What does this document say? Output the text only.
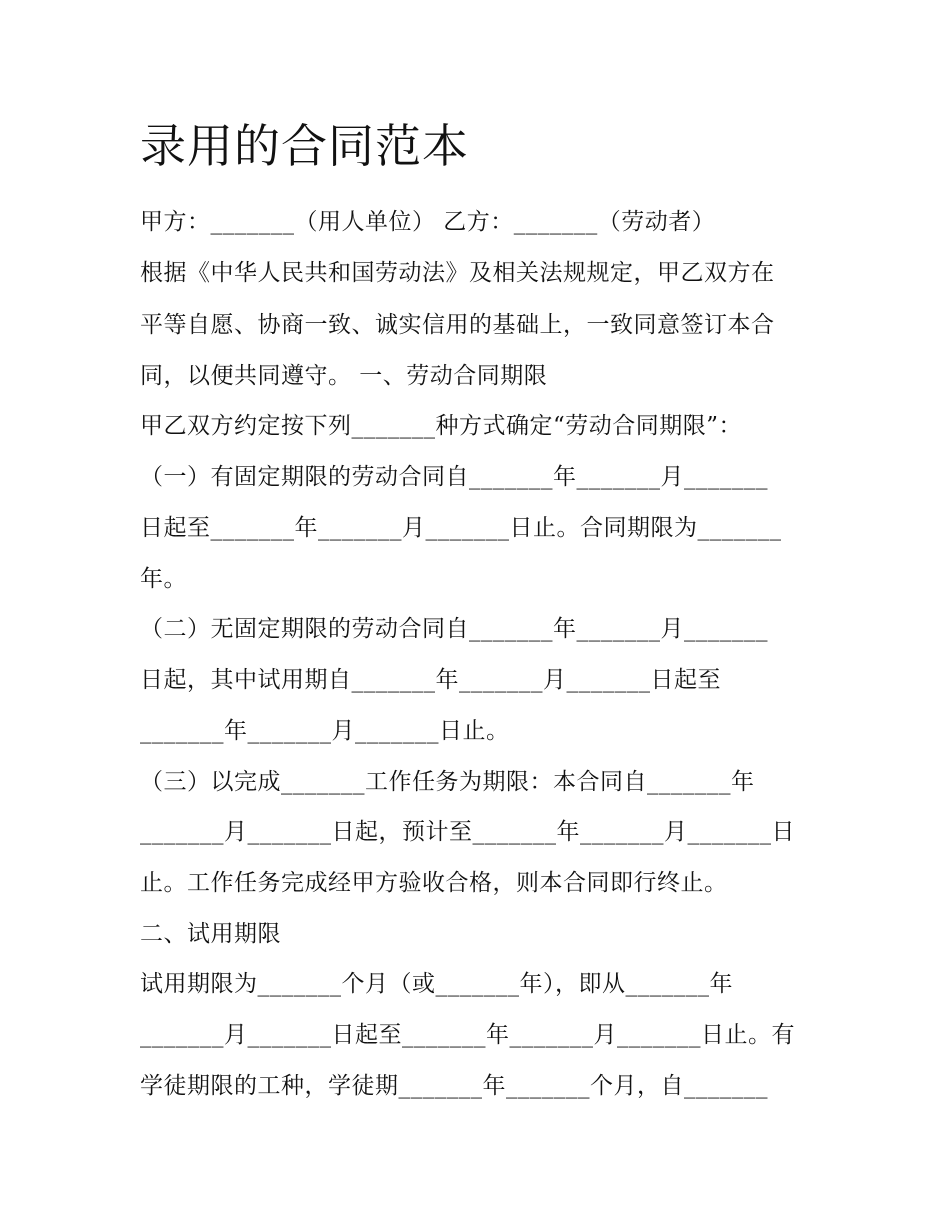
录用的合同范本
甲方：_______（用人单位） 乙方：_______（劳动者）
根据《中华人民共和国劳动法》及相关法规规定，甲乙双方在
平等自愿、协商一致、诚实信用的基础上，一致同意签订本合
同，以便共同遵守。 一、劳动合同期限
甲乙双方约定按下列_______种方式确定“劳动合同期限”：
（一）有固定期限的劳动合同自_______年_______月_______
日起至_______年_______月_______日止。合同期限为_______
年。
（二）无固定期限的劳动合同自_______年_______月_______
日起，其中试用期自_______年_______月_______日起至
_______年_______月_______日止。
（三）以完成_______工作任务为期限：本合同自_______年
_______月_______日起，预计至_______年_______月_______日
止。工作任务完成经甲方验收合格，则本合同即行终止。
二、试用期限
试用期限为_______个月（或_______年），即从_______年
_______月_______日起至_______年_______月_______日止。有
学徒期限的工种，学徒期_______年_______个月，自_______
